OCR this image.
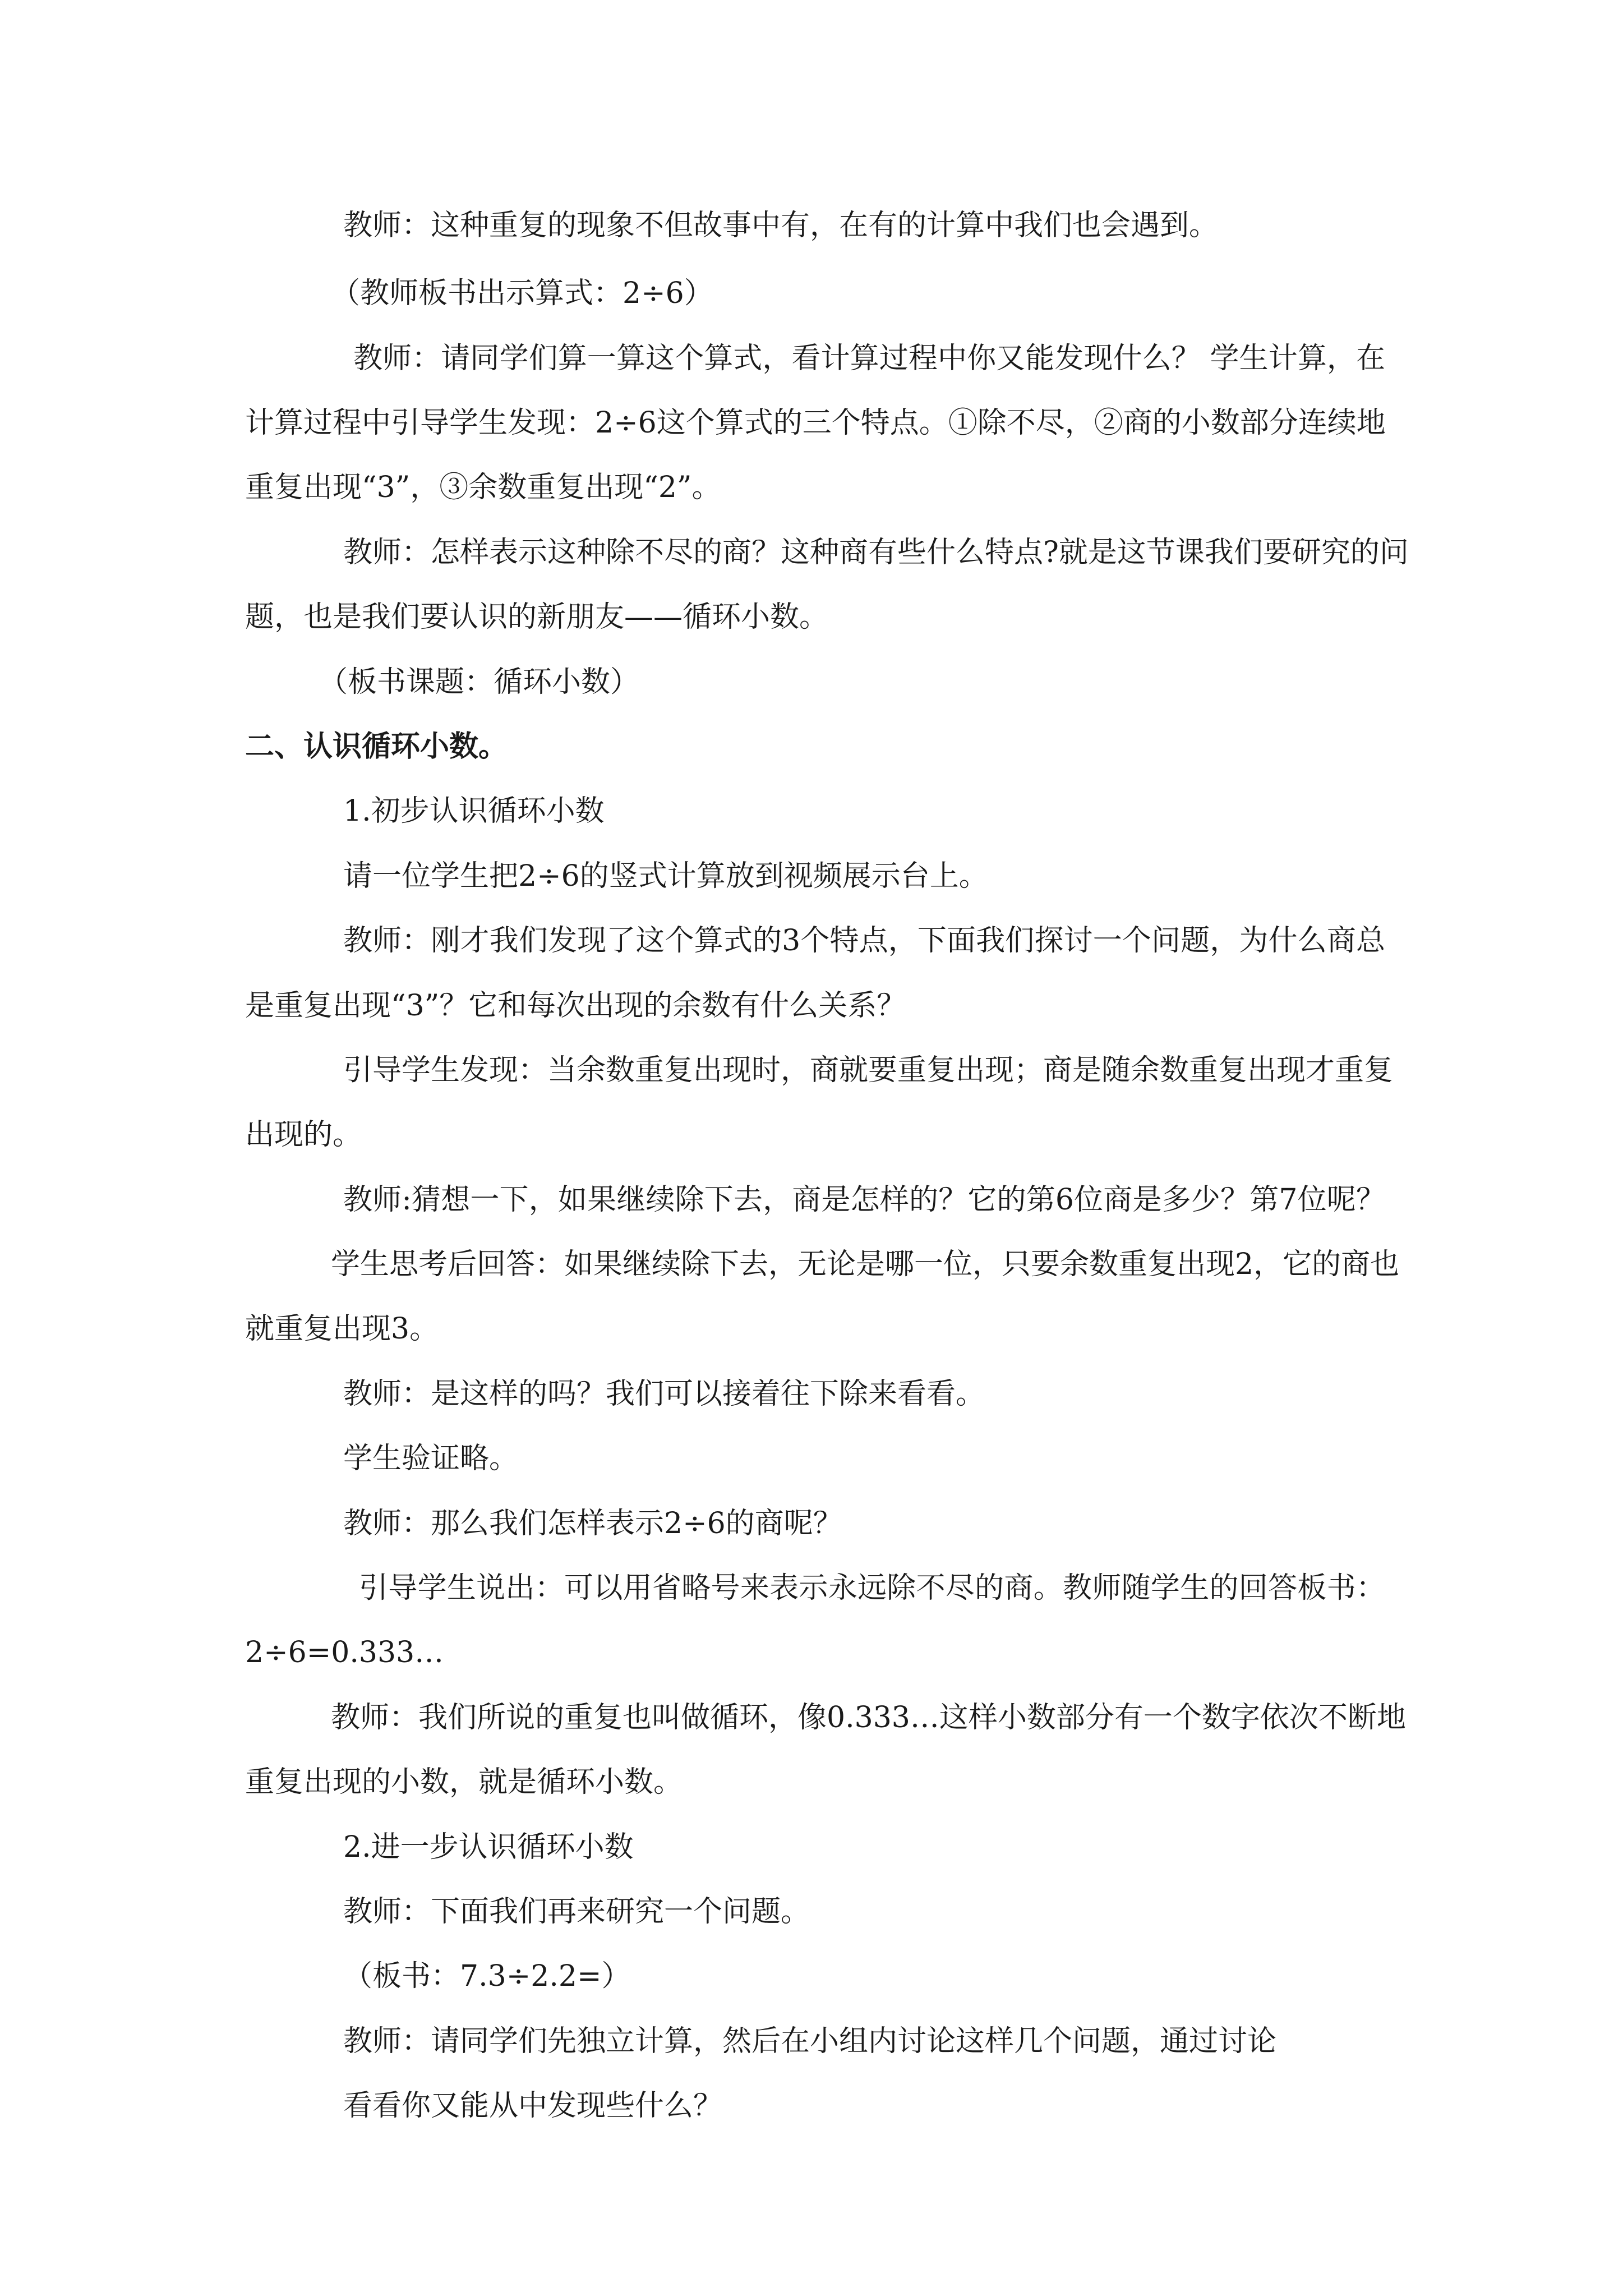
教师：这种重复的现象不但故事中有，在有的计算中我们也会遇到。
（教师板书出示算式：2÷6）
教师：请同学们算一算这个算式，看计算过程中你又能发现什么？ 学生计算，在
计算过程中引导学生发现：2÷6这个算式的三个特点。①除不尽，②商的小数部分连续地
重复出现“3”，③余数重复出现“2”。
教师：怎样表示这种除不尽的商？这种商有些什么特点?就是这节课我们要研究的问
题，也是我们要认识的新朋友——循环小数。
（板书课题：循环小数）
二、认识循环小数。
1.初步认识循环小数
请一位学生把2÷6的竖式计算放到视频展示台上。
教师：刚才我们发现了这个算式的3个特点，下面我们探讨一个问题，为什么商总
是重复出现“3”？它和每次出现的余数有什么关系？
引导学生发现：当余数重复出现时，商就要重复出现；商是随余数重复出现才重复
出现的。
教师:猜想一下，如果继续除下去，商是怎样的？它的第6位商是多少？第7位呢？
学生思考后回答：如果继续除下去，无论是哪一位，只要余数重复出现2，它的商也
就重复出现3。
教师：是这样的吗？我们可以接着往下除来看看。
学生验证略。
教师：那么我们怎样表示2÷6的商呢？
引导学生说出：可以用省略号来表示永远除不尽的商。教师随学生的回答板书：
2÷6=0.333…
教师：我们所说的重复也叫做循环，像0.333…这样小数部分有一个数字依次不断地
重复出现的小数，就是循环小数。
2.进一步认识循环小数
教师：下面我们再来研究一个问题。
（板书：7.3÷2.2=）
教师：请同学们先独立计算，然后在小组内讨论这样几个问题，通过讨论
看看你又能从中发现些什么？
